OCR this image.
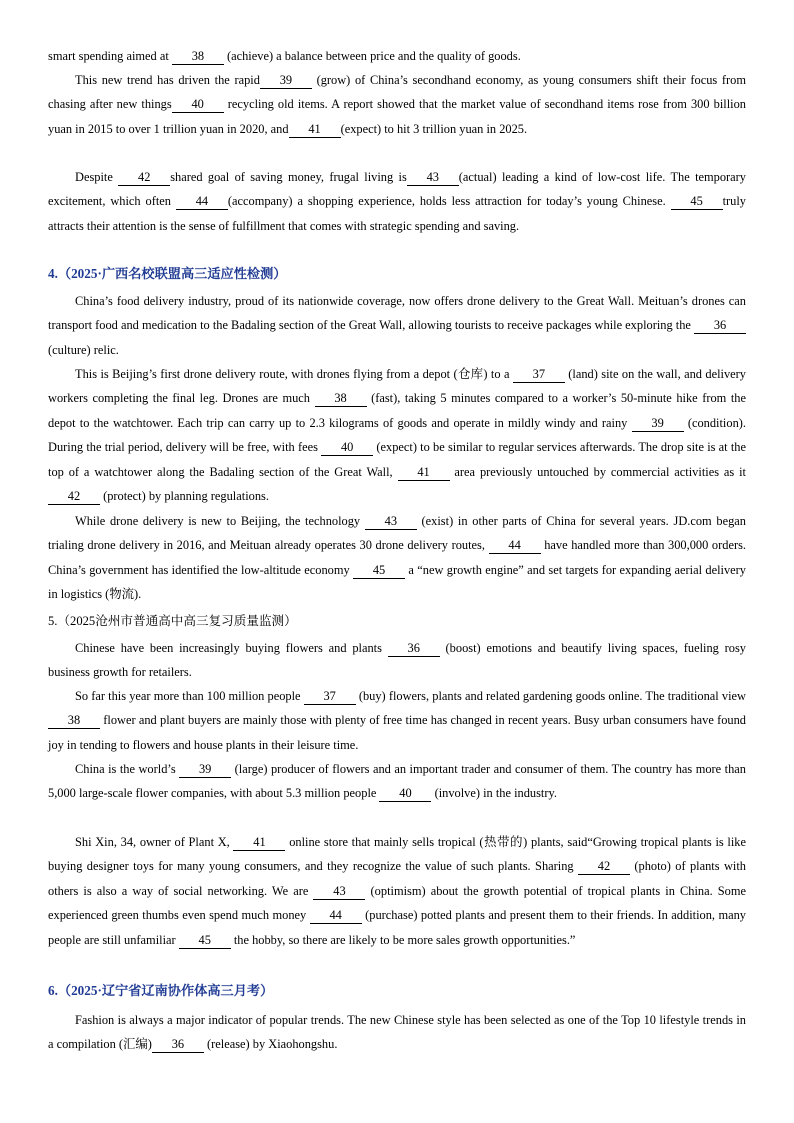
smart spending aimed at 38 (achieve) a balance between price and the quality of goods.
This new trend has driven the rapid 39 (grow) of China’s secondhand economy, as young consumers shift their focus from chasing after new things 40 recycling old items. A report showed that the market value of secondhand items rose from 300 billion yuan in 2015 to over 1 trillion yuan in 2020, and 41 (expect) to hit 3 trillion yuan in 2025.
Despite 42 shared goal of saving money, frugal living is 43 (actual) leading a kind of low-cost life. The temporary excitement, which often 44 (accompany) a shopping experience, holds less attraction for today’s young Chinese. 45 truly attracts their attention is the sense of fulfillment that comes with strategic spending and saving.
4.（2025·广西名校联盟高三适应性检测）
China’s food delivery industry, proud of its nationwide coverage, now offers drone delivery to the Great Wall. Meituan’s drones can transport food and medication to the Badaling section of the Great Wall, allowing tourists to receive packages while exploring the 36 (culture) relic.
This is Beijing’s first drone delivery route, with drones flying from a depot (仓库) to a 37 (land) site on the wall, and delivery workers completing the final leg. Drones are much 38 (fast), taking 5 minutes compared to a worker’s 50-minute hike from the depot to the watchtower. Each trip can carry up to 2.3 kilograms of goods and operate in mildly windy and rainy 39 (condition). During the trial period, delivery will be free, with fees 40 (expect) to be similar to regular services afterwards. The drop site is at the top of a watchtower along the Badaling section of the Great Wall, 41 area previously untouched by commercial activities as it 42 (protect) by planning regulations.
While drone delivery is new to Beijing, the technology 43 (exist) in other parts of China for several years. JD.com began trialing drone delivery in 2016, and Meituan already operates 30 drone delivery routes, 44 have handled more than 300,000 orders. China’s government has identified the low-altitude economy 45 a “new growth engine” and set targets for expanding aerial delivery in logistics (物流).
5.（2025沧州市普通高中高三复习质量监测）
Chinese have been increasingly buying flowers and plants 36 (boost) emotions and beautify living spaces, fueling rosy business growth for retailers.
So far this year more than 100 million people 37 (buy) flowers, plants and related gardening goods online. The traditional view 38 flower and plant buyers are mainly those with plenty of free time has changed in recent years. Busy urban consumers have found joy in tending to flowers and house plants in their leisure time.
China is the world’s 39 (large) producer of flowers and an important trader and consumer of them. The country has more than 5,000 large-scale flower companies, with about 5.3 million people 40 (involve) in the industry.
Shi Xin, 34, owner of Plant X, 41 online store that mainly sells tropical (热带的) plants, said“Growing tropical plants is like buying designer toys for many young consumers, and they recognize the value of such plants. Sharing 42 (photo) of plants with others is also a way of social networking. We are 43 (optimism) about the growth potential of tropical plants in China. Some experienced green thumbs even spend much money 44 (purchase) potted plants and present them to their friends. In addition, many people are still unfamiliar 45 the hobby, so there are likely to be more sales growth opportunities.”
6.（2025·辽宁省辽南协作体高三月考）
Fashion is always a major indicator of popular trends. The new Chinese style has been selected as one of the Top 10 lifestyle trends in a compilation (汇编) 36 (release) by Xiaohongshu.
